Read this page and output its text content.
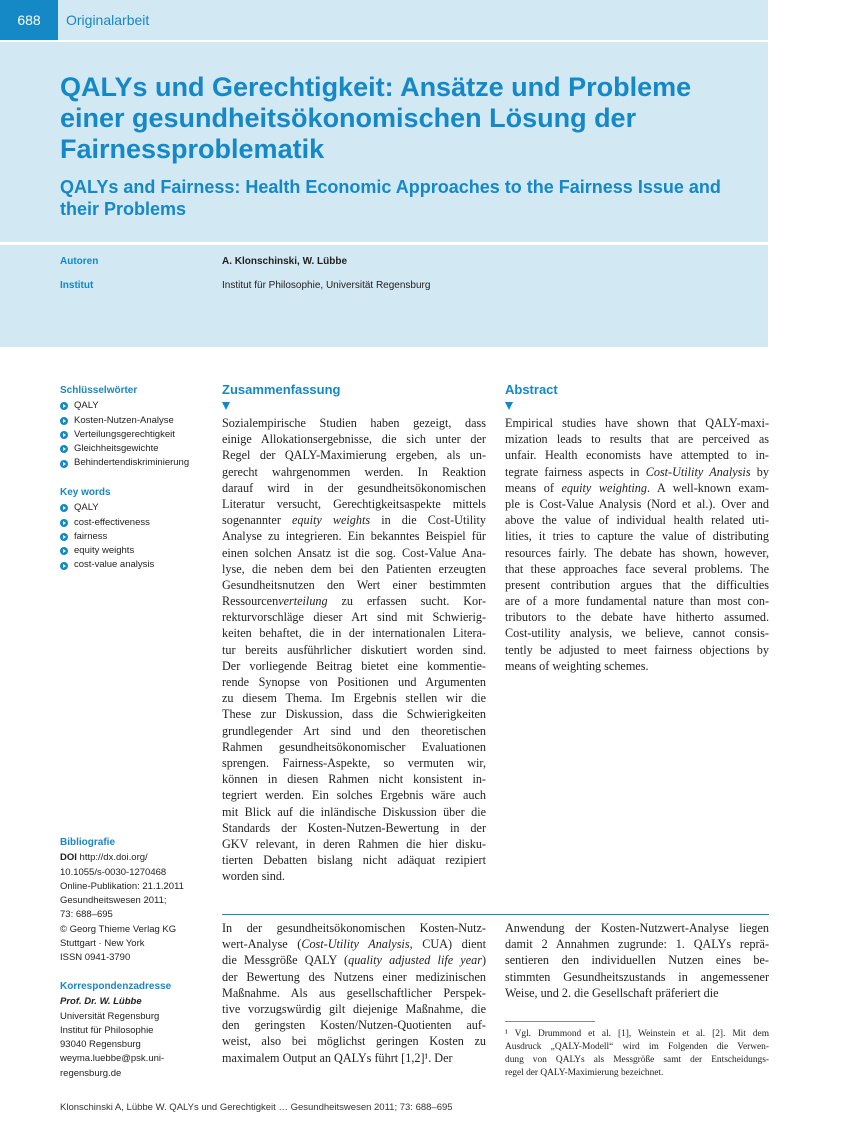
688	Originalarbeit
QALYs und Gerechtigkeit: Ansätze und Probleme
einer gesundheitsökonomischen Lösung der
Fairnessproblematik
QALYs and Fairness: Health Economic Approaches to the Fairness Issue and
their Problems
Autoren	A. Klonschinski, W. Lübbe
Institut	Institut für Philosophie, Universität Regensburg
Schlüsselwörter
QALY
Kosten-Nutzen-Analyse
Verteilungsgerechtigkeit
Gleichheitsgewichte
Behindertendiskriminierung
Key words
QALY
cost-effectiveness
fairness
equity weights
cost-value analysis
Bibliografie
DOI http://dx.doi.org/
10.1055/s-0030-1270468
Online-Publikation: 21.1.2011
Gesundheitswesen 2011;
73: 688–695
© Georg Thieme Verlag KG
Stuttgart · New York
ISSN 0941-3790
Korrespondenzadresse
Prof. Dr. W. Lübbe
Universität Regensburg
Institut für Philosophie
93040 Regensburg
weyma.luebbe@psk.uni-
regensburg.de
Zusammenfassung
Sozialempirische Studien haben gezeigt, dass
einige Allokationsergebnisse, die sich unter der
Regel der QALY-Maximierung ergeben, als un-
gerecht wahrgenommen werden. In Reaktion
darauf wird in der gesundheitsökonomischen
Literatur versucht, Gerechtigkeitsaspekte mittels
sogenannter equity weights in die Cost-Utility
Analyse zu integrieren. Ein bekanntes Beispiel für
einen solchen Ansatz ist die sog. Cost-Value Ana-
lyse, die neben dem bei den Patienten erzeugten
Gesundheitsnutzen den Wert einer bestimmten
Ressourcenverteilung zu erfassen sucht. Kor-
rekturvorschläge dieser Art sind mit Schwierig-
keiten behaftet, die in der internationalen Litera-
tur bereits ausführlicher diskutiert worden sind.
Der vorliegende Beitrag bietet eine kommentie-
rende Synopse von Positionen und Argumenten
zu diesem Thema. Im Ergebnis stellen wir die
These zur Diskussion, dass die Schwierigkeiten
grundlegender Art sind und den theoretischen
Rahmen gesundheitsökonomischer Evaluationen
sprengen. Fairness-Aspekte, so vermuten wir,
können in diesen Rahmen nicht konsistent in-
tegriert werden. Ein solches Ergebnis wäre auch
mit Blick auf die inländische Diskussion über die
Standards der Kosten-Nutzen-Bewertung in der
GKV relevant, in deren Rahmen die hier disku-
tierten Debatten bislang nicht adäquat rezipiert
worden sind.
Abstract
Empirical studies have shown that QALY-maxi-
mization leads to results that are perceived as
unfair. Health economists have attempted to in-
tegrate fairness aspects in Cost-Utility Analysis by
means of equity weighting. A well-known exam-
ple is Cost-Value Analysis (Nord et al.). Over and
above the value of individual health related uti-
lities, it tries to capture the value of distributing
resources fairly. The debate has shown, however,
that these approaches face several problems. The
present contribution argues that the difficulties
are of a more fundamental nature than most con-
tributors to the debate have hitherto assumed.
Cost-utility analysis, we believe, cannot consis-
tently be adjusted to meet fairness objections by
means of weighting schemes.
In der gesundheitsökonomischen Kosten-Nutz-
wert-Analyse (Cost-Utility Analysis, CUA) dient
die Messgröße QALY (quality adjusted life year)
der Bewertung des Nutzens einer medizinischen
Maßnahme. Als aus gesellschaftlicher Perspek-
tive vorzugswürdig gilt diejenige Maßnahme, die
den geringsten Kosten/Nutzen-Quotienten auf-
weist, also bei möglichst geringen Kosten zu
maximalem Output an QALYs führt [1,2]¹. Der
Anwendung der Kosten-Nutzwert-Analyse liegen
damit 2 Annahmen zugrunde: 1. QALYs reprä-
sentieren den individuellen Nutzen eines be-
stimmten Gesundheitszustands in angemessener
Weise, und 2. die Gesellschaft präferiert die
¹ Vgl. Drummond et al. [1], Weinstein et al. [2]. Mit dem
Ausdruck „QALY-Modell“ wird im Folgenden die Verwen-
dung von QALYs als Messgröße samt der Entscheidungs-
regel der QALY-Maximierung bezeichnet.
Klonschinski A, Lübbe W. QALYs und Gerechtigkeit … Gesundheitswesen 2011; 73: 688–695
